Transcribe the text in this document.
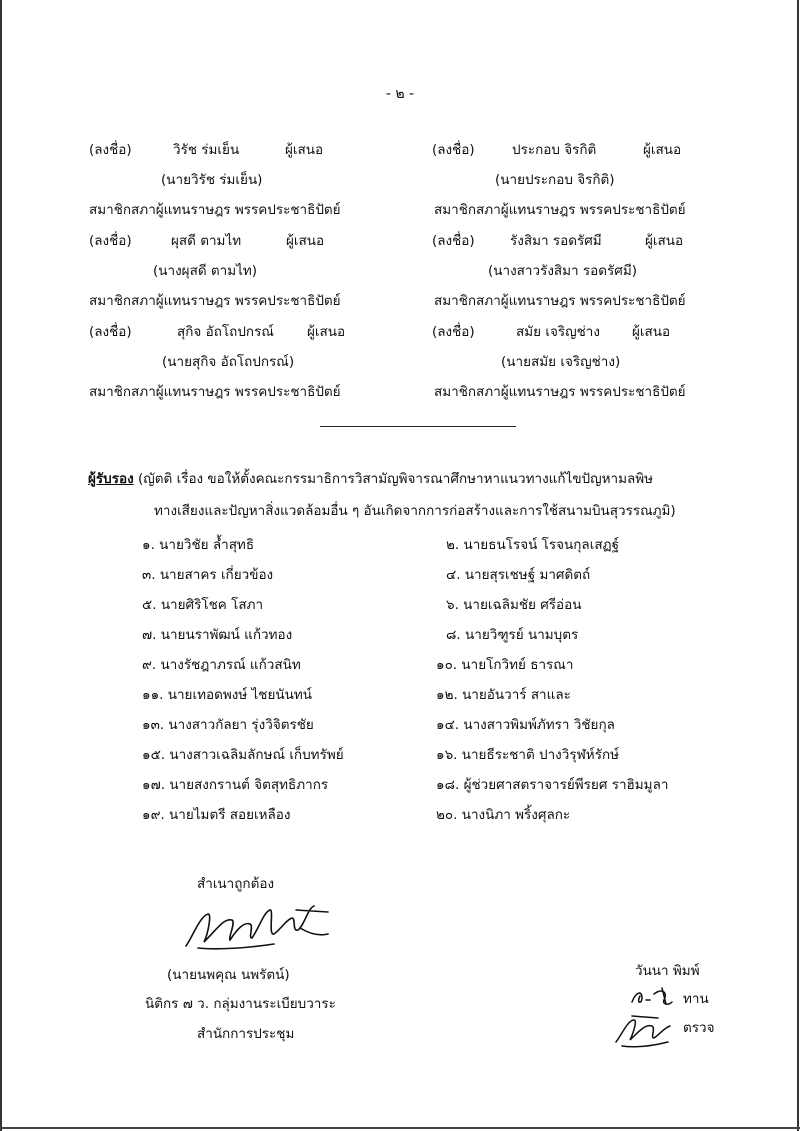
- ๒ -
(ลงชื่อ)	วิรัช ร่มเย็น	ผู้เสนอ
(นายวิรัช ร่มเย็น)
สมาชิกสภาผู้แทนราษฎร พรรคประชาธิปัตย์
(ลงชื่อ)	ประกอบ จิรกิติ	ผู้เสนอ
(นายประกอบ จิรกิติ)
สมาชิกสภาผู้แทนราษฎร พรรคประชาธิปัตย์
(ลงชื่อ)	ผุสดี ตามไท	ผู้เสนอ
(นางผุสดี ตามไท)
สมาชิกสภาผู้แทนราษฎร พรรคประชาธิปัตย์
(ลงชื่อ)	รังสิมา รอดรัศมี	ผู้เสนอ
(นางสาวรังสิมา รอดรัศมี)
สมาชิกสภาผู้แทนราษฎร พรรคประชาธิปัตย์
(ลงชื่อ)	สุกิจ อัถโถปกรณ์ ผู้เสนอ
(นายสุกิจ อัถโถปกรณ์)
สมาชิกสภาผู้แทนราษฎร พรรคประชาธิปัตย์
(ลงชื่อ)	สมัย เจริญช่าง ผู้เสนอ
(นายสมัย เจริญช่าง)
สมาชิกสภาผู้แทนราษฎร พรรคประชาธิปัตย์
ผู้รับรอง (ญัตติ เรื่อง ขอให้ตั้งคณะกรรมาธิการวิสามัญพิจารณาศึกษาหาแนวทางแก้ไขปัญหามลพิษ
ทางเสียงและปัญหาสิ่งแวดล้อมอื่น ๆ อันเกิดจากการก่อสร้างและการใช้สนามบินสุวรรณภูมิ)
๑. นายวิชัย ล้ำสุทธิ	๒. นายธนโรจน์ โรจนกุลเสฏฐ์
๓. นายสาคร เกี่ยวข้อง	๔. นายสุรเชษฐ์ มาศดิตถ์
๕. นายศิริโชค โสภา	๖. นายเฉลิมชัย ศรีอ่อน
๗. นายนราพัฒน์ แก้วทอง	๘. นายวิฑูรย์ นามบุตร
๙. นางรัชฎาภรณ์ แก้วสนิท	๑๐. นายโกวิทย์ ธารณา
๑๑. นายเทอดพงษ์ ไชยนันทน์	๑๒. นายอันวาร์ สาและ
๑๓. นางสาวกัลยา รุ่งวิจิตรชัย	๑๔. นางสาวพิมพ์ภัทรา วิชัยกุล
๑๕. นางสาวเฉลิมลักษณ์ เก็บทรัพย์	๑๖. นายธีระชาติ ปางวิรุฬห์รักษ์
๑๗. นายสงกรานต์ จิตสุทธิภากร	๑๘. ผู้ช่วยศาสตราจารย์พีรยศ ราฮิมมูลา
๑๙. นายไมตรี สอยเหลือง	๒๐. นางนิภา พริ้งศุลกะ
สำเนาถูกต้อง
(นายนพคุณ นพรัตน์)
นิติกร ๗ ว. กลุ่มงานระเบียบวาระ
สำนักการประชุม
วันนา พิมพ์
ทาน
ตรวจ
